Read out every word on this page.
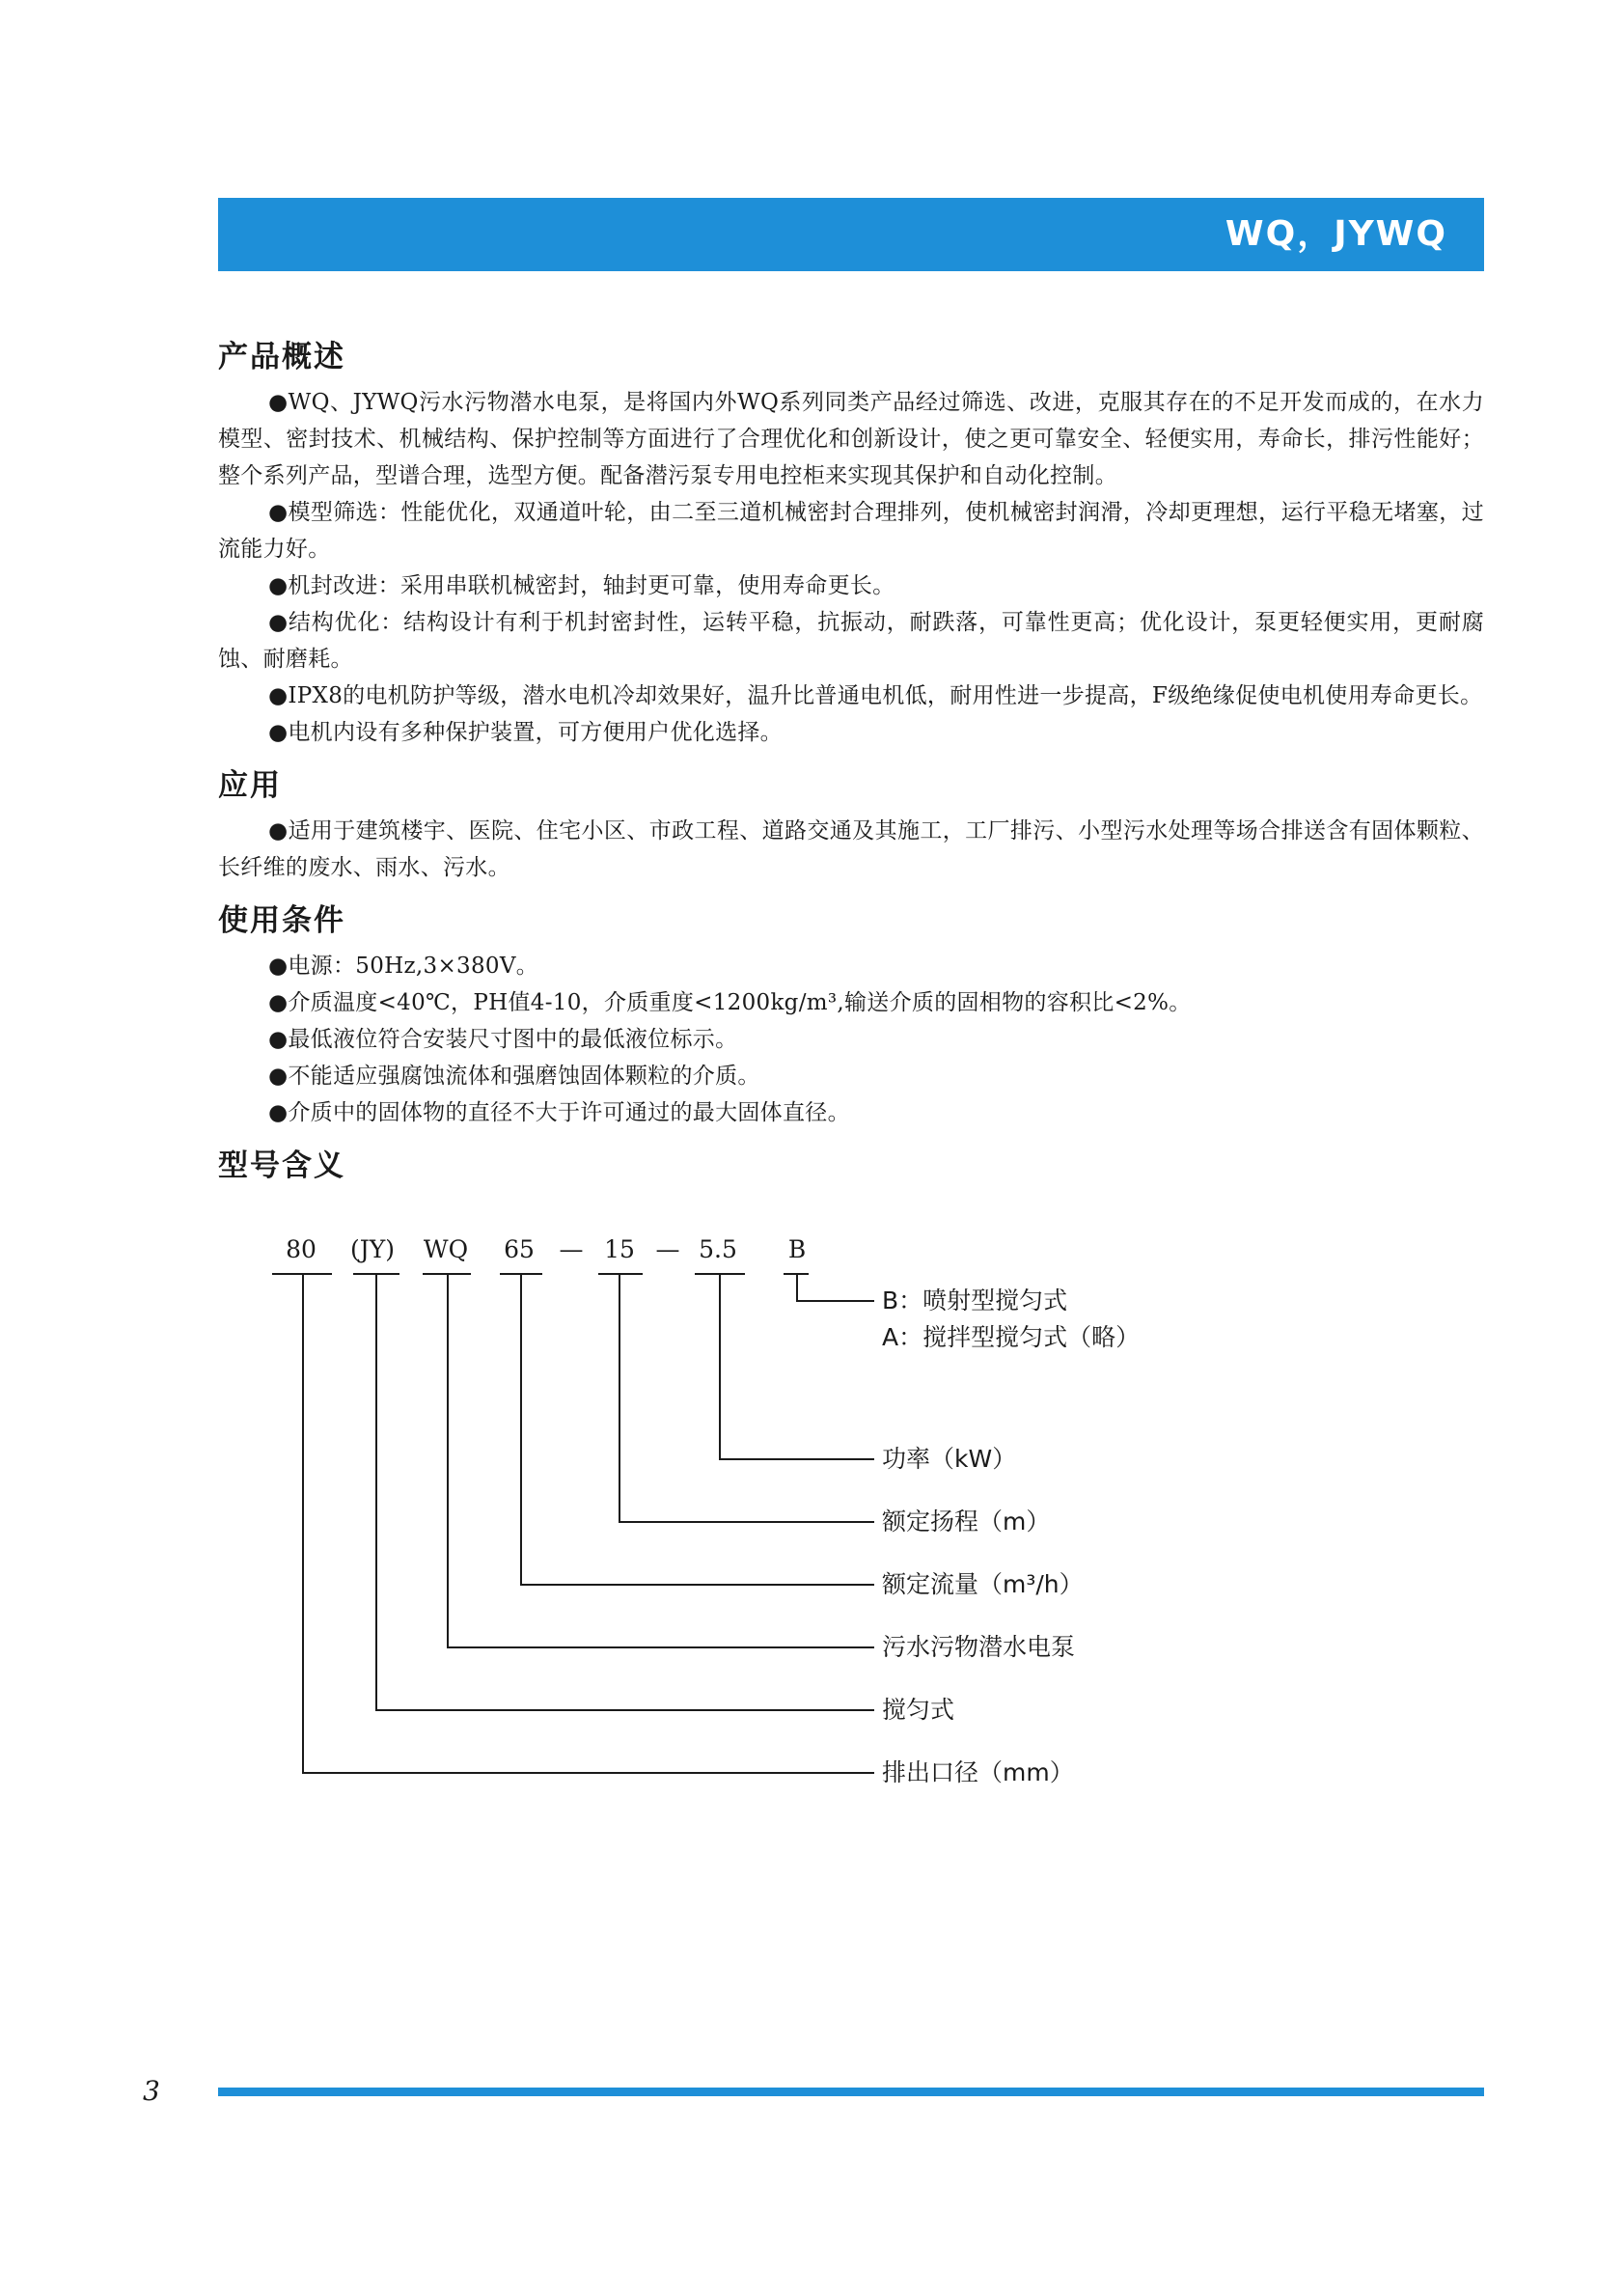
WQ，JYWQ
产品概述

●WQ、JYWQ污水污物潜水电泵，是将国内外WQ系列同类产品经过筛选、改进，克服其存在的不足开发而成的，在水力模型、密封技术、机械结构、保护控制等方面进行了合理优化和创新设计，使之更可靠安全、轻便实用，寿命长，排污性能好；整个系列产品，型谱合理，选型方便。配备潜污泵专用电控柜来实现其保护和自动化控制。

●模型筛选：性能优化，双通道叶轮，由二至三道机械密封合理排列，使机械密封润滑，冷却更理想，运行平稳无堵塞，过流能力好。

●机封改进：采用串联机械密封，轴封更可靠，使用寿命更长。

●结构优化：结构设计有利于机封密封性，运转平稳，抗振动，耐跌落，可靠性更高；优化设计，泵更轻便实用，更耐腐蚀、耐磨耗。

●IPX8的电机防护等级，潜水电机冷却效果好，温升比普通电机低，耐用性进一步提高，F级绝缘促使电机使用寿命更长。

●电机内设有多种保护装置，可方便用户优化选择。

应用

●适用于建筑楼宇、医院、住宅小区、市政工程、道路交通及其施工，工厂排污、小型污水处理等场合排送含有固体颗粒、长纤维的废水、雨水、污水。

使用条件

●电源：50Hz,3×380V。

●介质温度<40℃，PH值4-10，介质重度<1200kg/m³,输送介质的固相物的容积比<2%。

●最低液位符合安装尺寸图中的最低液位标示。

●不能适应强腐蚀流体和强磨蚀固体颗粒的介质。

●介质中的固体物的直径不大于许可通过的最大固体直径。

型号含义
80 (JY) WQ 65 — 15 — 5.5 B
B：喷射型搅匀式
A：搅拌型搅匀式（略）
功率（kW）
额定扬程（m）
额定流量（m³/h）
污水污物潜水电泵
搅匀式
排出口径（mm）
3
